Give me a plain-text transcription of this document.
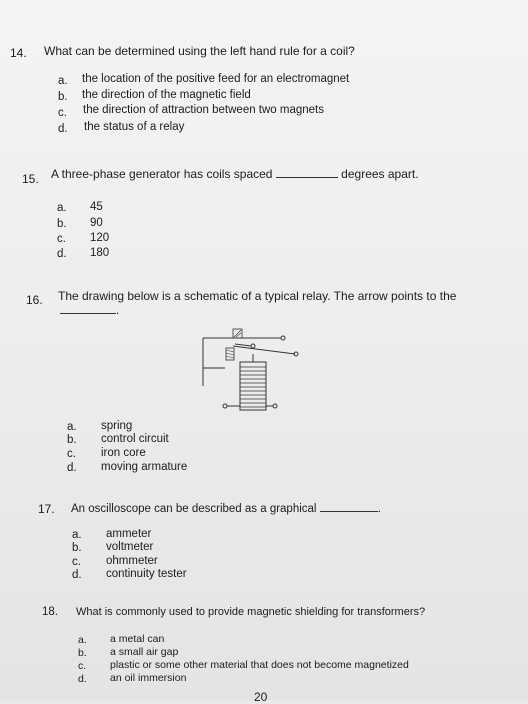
14. What can be determined using the left hand rule for a coil?
a. the location of the positive feed for an electromagnet
b. the direction of the magnetic field
c. the direction of attraction between two magnets
d. the status of a relay
15. A three-phase generator has coils spaced	degrees apart.
a. 45
b. 90
c. 120
d. 180
16. The drawing below is a schematic of a typical relay. The arrow points to the
.
a. spring
b. control circuit
c. iron core
d. moving armature
17. An oscilloscope can be described as a graphical	.
a. ammeter
b. voltmeter
c. ohmmeter
d. continuity tester
18. What is commonly used to provide magnetic shielding for transformers?
a. a metal can
b. a small air gap
c. plastic or some other material that does not become magnetized
d. an oil immersion
20
